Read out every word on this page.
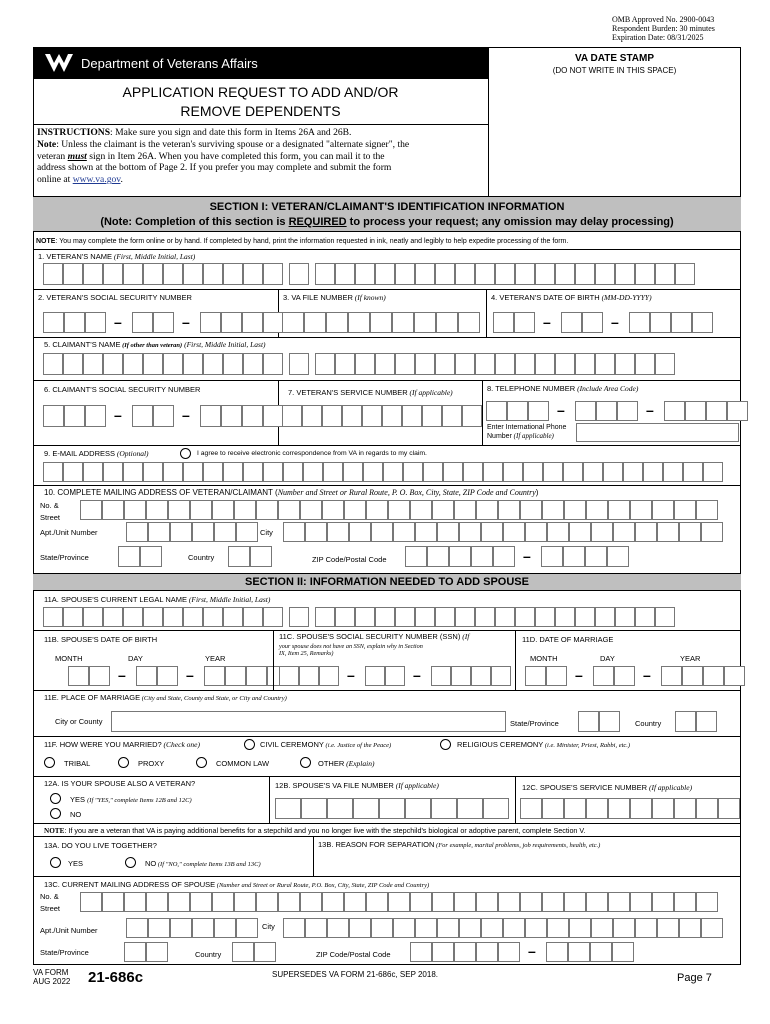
OMB Approved No. 2900-0043
Respondent Burden: 30 minutes
Expiration Date: 08/31/2025
Department of Veterans Affairs	VA DATE STAMP
(DO NOT WRITE IN THIS SPACE)
APPLICATION REQUEST TO ADD AND/OR
REMOVE DEPENDENTS
INSTRUCTIONS: Make sure you sign and date this form in Items 26A and 26B.
Note: Unless the claimant is the veteran's surviving spouse or a designated "alternate signer", the
veteran must sign in Item 26A. When you have completed this form, you can mail it to the
address shown at the bottom of Page 2. If you prefer you may complete and submit the form
online at www.va.gov.
SECTION I: VETERAN/CLAIMANT'S IDENTIFICATION INFORMATION
(Note: Completion of this section is REQUIRED to process your request; any omission may delay processing)
NOTE: You may complete the form online or by hand. If completed by hand, print the information requested in ink, neatly and legibly to help expedite processing of the form.
1. VETERAN'S NAME (First, Middle Initial, Last)
2. VETERAN'S SOCIAL SECURITY NUMBER	3. VA FILE NUMBER (If known)	4. VETERAN'S DATE OF BIRTH (MM-DD-YYYY)
–	–	–	–
5. CLAIMANT'S NAME (If other than veteran) (First, Middle Initial, Last)
6. CLAIMANT'S SOCIAL SECURITY NUMBER	7. VETERAN'S SERVICE NUMBER (If applicable)	8. TELEPHONE NUMBER (Include Area Code)
–	–	–	–
Enter International Phone
Number (If applicable)
9. E-MAIL ADDRESS (Optional)	I agree to receive electronic correspondence from VA in regards to my claim.
10. COMPLETE MAILING ADDRESS OF VETERAN/CLAIMANT (Number and Street or Rural Route, P. O. Box, City, State, ZIP Code and Country)
No. &
Street
Apt./Unit Number	City
State/Province	Country	ZIP Code/Postal Code	–
SECTION II: INFORMATION NEEDED TO ADD SPOUSE
11A. SPOUSE'S CURRENT LEGAL NAME (First, Middle Initial, Last)
11B. SPOUSE'S DATE OF BIRTH
MONTH	DAY	YEAR
–	–
11C. SPOUSE'S SOCIAL SECURITY NUMBER (SSN) (If
your spouse does not have an SSN, explain why in Section
IX, Item 25, Remarks)
–	–
11D. DATE OF MARRIAGE
MONTH	DAY	YEAR
–	–
11E. PLACE OF MARRIAGE (City and State, County and State, or City and Country)
City or County	State/Province	Country
11F. HOW WERE YOU MARRIED? (Check one)	CIVIL CEREMONY (i.e. Justice of the Peace)	RELIGIOUS CEREMONY (i.e. Minister, Priest, Rabbi, etc.)
TRIBAL	PROXY	COMMON LAW	OTHER (Explain)
12A. IS YOUR SPOUSE ALSO A VETERAN?
YES (If "YES," complete Items 12B and 12C)
NO
12B. SPOUSE'S VA FILE NUMBER (If applicable)	12C. SPOUSE'S SERVICE NUMBER (If applicable)
NOTE: If you are a veteran that VA is paying additional benefits for a stepchild and you no longer live with the stepchild's biological or adoptive parent, complete Section V.
13A. DO YOU LIVE TOGETHER?
YES	NO (If "NO," complete Items 13B and 13C)
13B. REASON FOR SEPARATION (For example, marital problems, job requirements, health, etc.)
13C. CURRENT MAILING ADDRESS OF SPOUSE (Number and Street or Rural Route, P.O. Box, City, State, ZIP Code and Country)
No. &
Street
Apt./Unit Number	City
State/Province	Country	ZIP Code/Postal Code	–
VA FORM
AUG 2022 21-686c	SUPERSEDES VA FORM 21-686c, SEP 2018.	Page 7
